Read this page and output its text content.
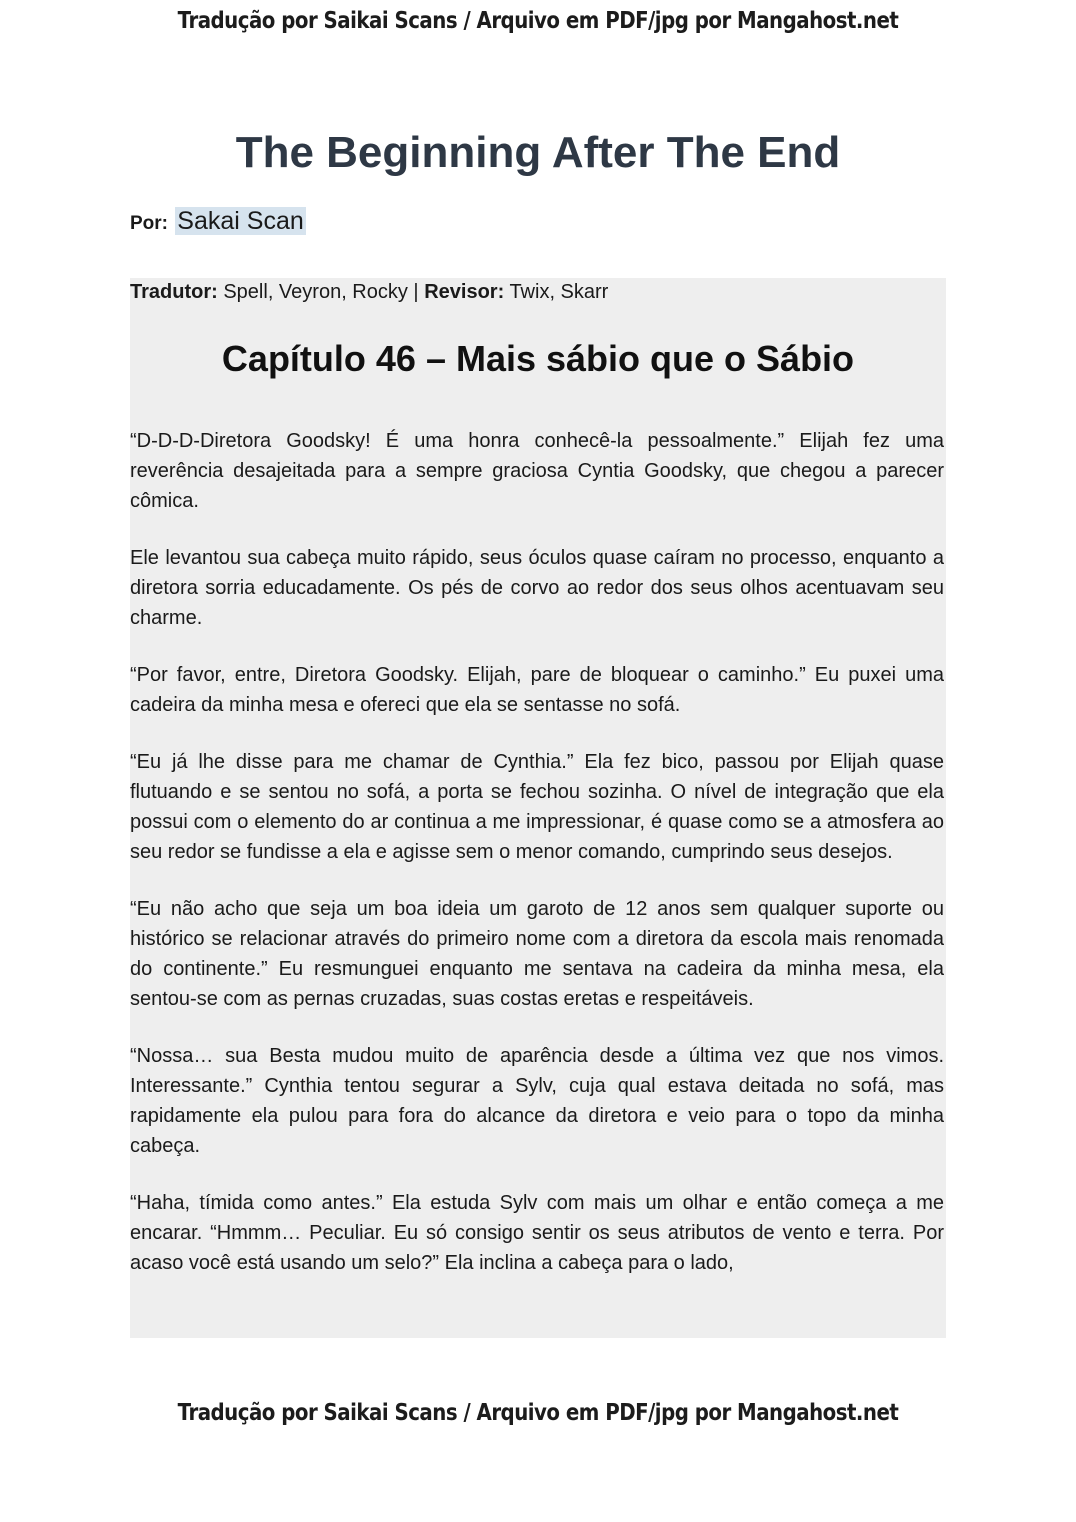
Tradução por Saikai Scans / Arquivo em PDF/jpg por Mangahost.net
The Beginning After The End
Por: Sakai Scan
Tradutor: Spell, Veyron, Rocky | Revisor: Twix, Skarr
Capítulo 46 – Mais sábio que o Sábio

“D-D-D-Diretora Goodsky! É uma honra conhecê-la pessoalmente.” Elijah fez uma reverência desajeitada para a sempre graciosa Cyntia Goodsky, que chegou a parecer cômica.

Ele levantou sua cabeça muito rápido, seus óculos quase caíram no processo, enquanto a diretora sorria educadamente. Os pés de corvo ao redor dos seus olhos acentuavam seu charme.

“Por favor, entre, Diretora Goodsky. Elijah, pare de bloquear o caminho.” Eu puxei uma cadeira da minha mesa e ofereci que ela se sentasse no sofá.

“Eu já lhe disse para me chamar de Cynthia.” Ela fez bico, passou por Elijah quase flutuando e se sentou no sofá, a porta se fechou sozinha. O nível de integração que ela possui com o elemento do ar continua a me impressionar, é quase como se a atmosfera ao seu redor se fundisse a ela e agisse sem o menor comando, cumprindo seus desejos.

“Eu não acho que seja um boa ideia um garoto de 12 anos sem qualquer suporte ou histórico se relacionar através do primeiro nome com a diretora da escola mais renomada do continente.” Eu resmunguei enquanto me sentava na cadeira da minha mesa, ela sentou-se com as pernas cruzadas, suas costas eretas e respeitáveis.

“Nossa… sua Besta mudou muito de aparência desde a última vez que nos vimos. Interessante.” Cynthia tentou segurar a Sylv, cuja qual estava deitada no sofá, mas rapidamente ela pulou para fora do alcance da diretora e veio para o topo da minha cabeça.

“Haha, tímida como antes.” Ela estuda Sylv com mais um olhar e então começa a me encarar. “Hmmm… Peculiar. Eu só consigo sentir os seus atributos de vento e terra. Por acaso você está usando um selo?” Ela inclina a cabeça para o lado,

Tradução por Saikai Scans / Arquivo em PDF/jpg por Mangahost.net
